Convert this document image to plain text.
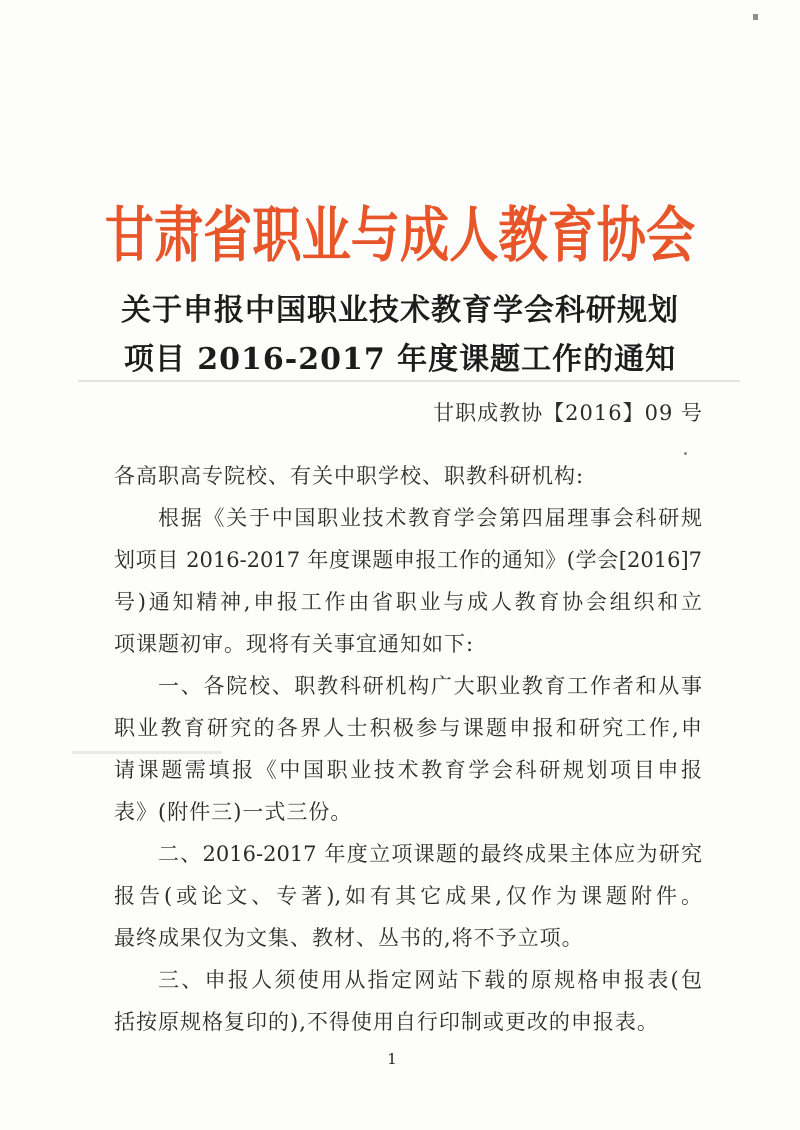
甘肃省职业与成人教育协会
关于申报中国职业技术教育学会科研规划
项目 2016-2017 年度课题工作的通知
甘职成教协【2016】09 号
各高职高专院校、有关中职学校、职教科研机构:
根据《关于中国职业技术教育学会第四届理事会科研规
划项目 2016-2017 年度课题申报工作的通知》(学会[2016]7
号)通知精神,申报工作由省职业与成人教育协会组织和立
项课题初审。现将有关事宜通知如下:
一、各院校、职教科研机构广大职业教育工作者和从事
职业教育研究的各界人士积极参与课题申报和研究工作,申
请课题需填报《中国职业技术教育学会科研规划项目申报
表》(附件三)一式三份。
二、2016-2017 年度立项课题的最终成果主体应为研究
报告(或论文、专著),如有其它成果,仅作为课题附件。
最终成果仅为文集、教材、丛书的,将不予立项。
三、申报人须使用从指定网站下载的原规格申报表(包
括按原规格复印的),不得使用自行印制或更改的申报表。
1
